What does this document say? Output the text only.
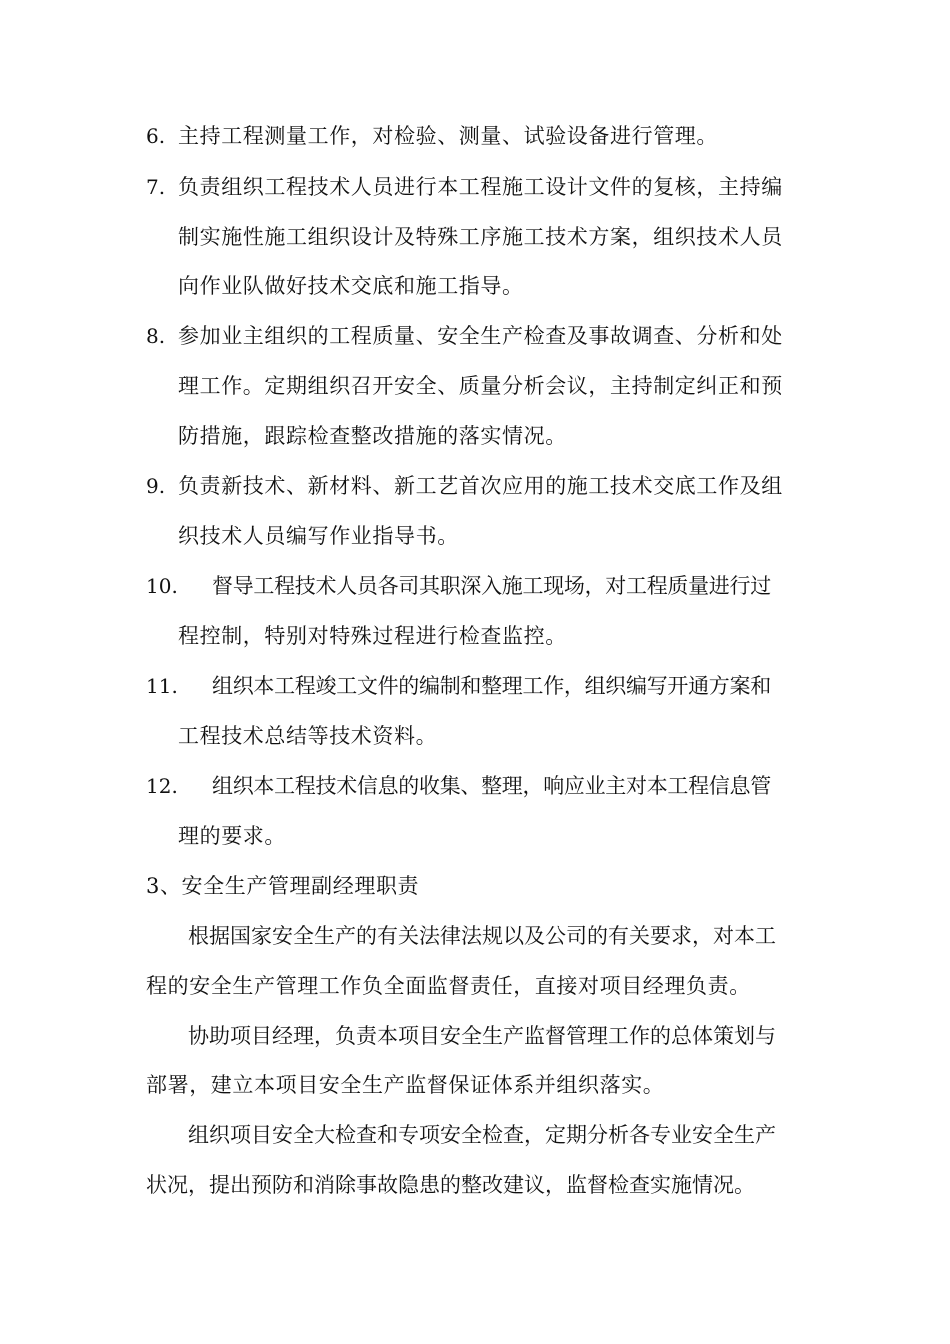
6. 主持工程测量工作，对检验、测量、试验设备进行管理。
7. 负责组织工程技术人员进行本工程施工设计文件的复核，主持编
制实施性施工组织设计及特殊工序施工技术方案，组织技术人员
向作业队做好技术交底和施工指导。
8. 参加业主组织的工程质量、安全生产检查及事故调查、分析和处
理工作。定期组织召开安全、质量分析会议，主持制定纠正和预
防措施，跟踪检查整改措施的落实情况。
9. 负责新技术、新材料、新工艺首次应用的施工技术交底工作及组
织技术人员编写作业指导书。
10. 督导工程技术人员各司其职深入施工现场，对工程质量进行过
程控制，特别对特殊过程进行检查监控。
11. 组织本工程竣工文件的编制和整理工作，组织编写开通方案和
工程技术总结等技术资料。
12. 组织本工程技术信息的收集、整理，响应业主对本工程信息管
理的要求。
3、安全生产管理副经理职责
根据国家安全生产的有关法律法规以及公司的有关要求，对本工
程的安全生产管理工作负全面监督责任，直接对项目经理负责。
协助项目经理，负责本项目安全生产监督管理工作的总体策划与
部署，建立本项目安全生产监督保证体系并组织落实。
组织项目安全大检查和专项安全检查，定期分析各专业安全生产
状况，提出预防和消除事故隐患的整改建议，监督检查实施情况。
